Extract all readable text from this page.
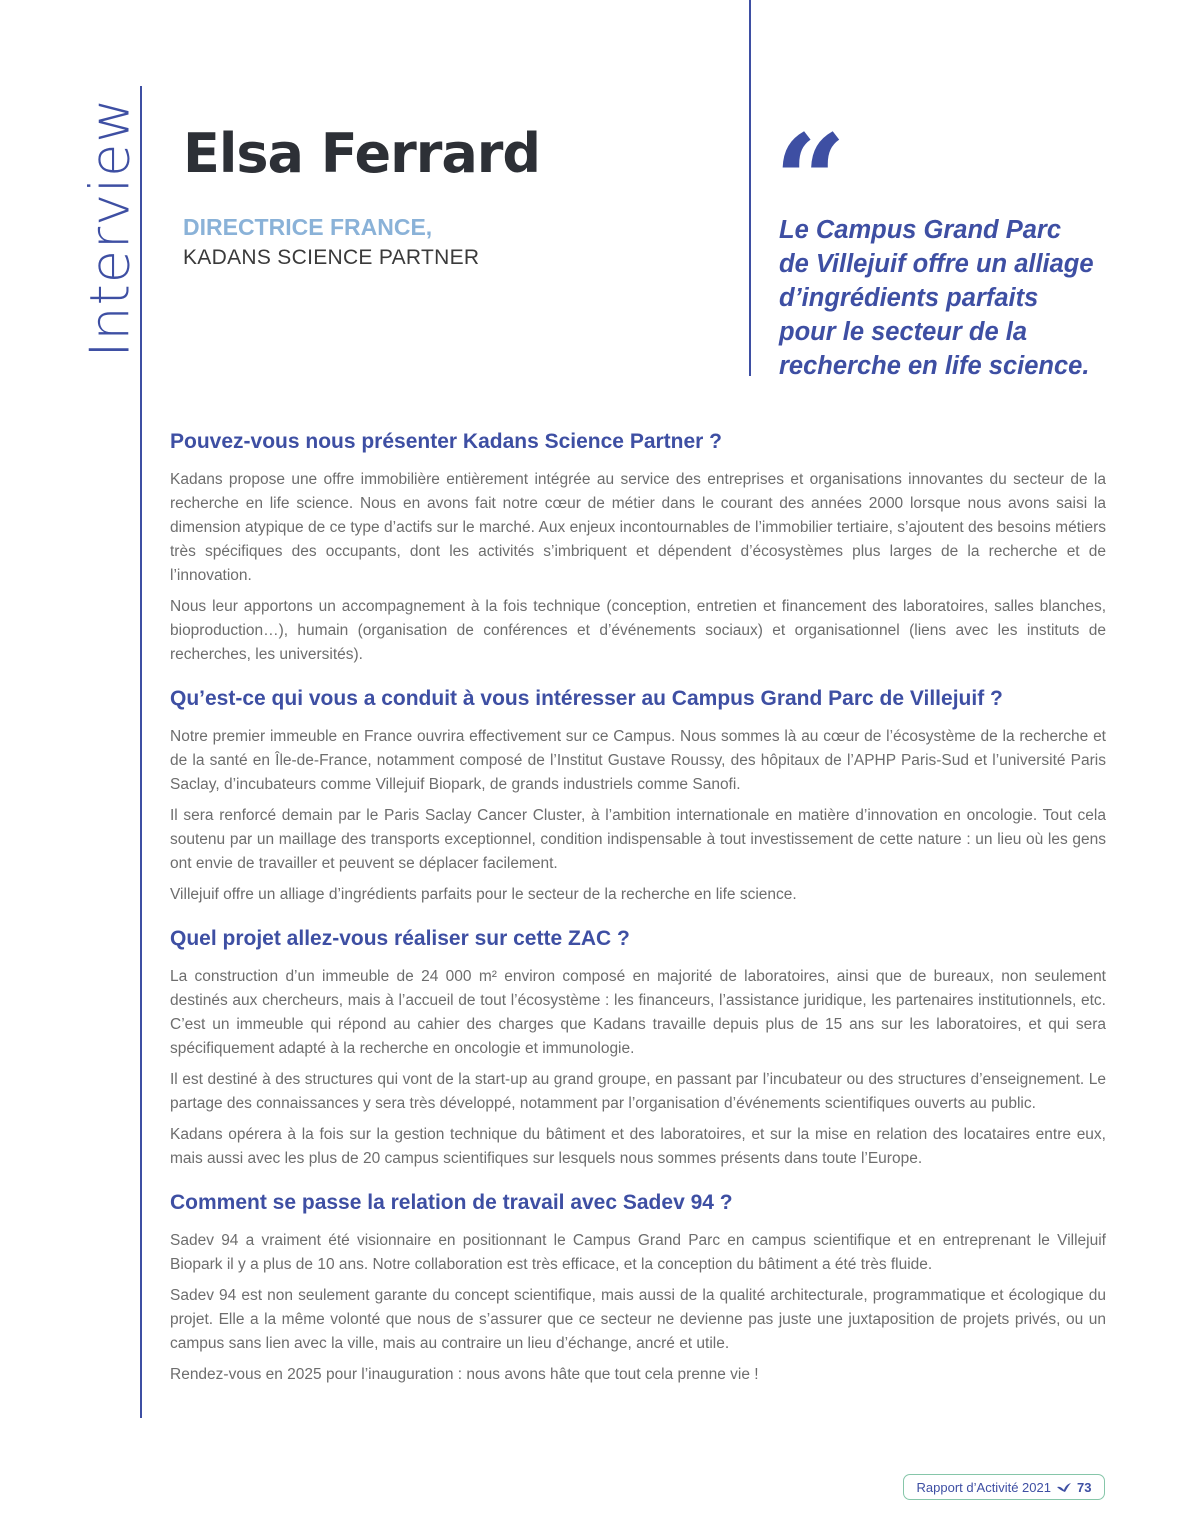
Interview Elsa Ferrard
DIRECTRICE FRANCE,
KADANS SCIENCE PARTNER
“
Le Campus Grand Parc
de Villejuif offre un alliage
d’ingrédients parfaits
pour le secteur de la
recherche en life science.
Pouvez-vous nous présenter Kadans Science Partner ?

Kadans propose une offre immobilière entièrement intégrée au service des entreprises et organisations innovantes du secteur de la recherche en life science. Nous en avons fait notre cœur de métier dans le courant des années 2000 lorsque nous avons saisi la dimension atypique de ce type d’actifs sur le marché. Aux enjeux incontournables de l’immobilier tertiaire, s’ajoutent des besoins métiers très spécifiques des occupants, dont les activités s’imbriquent et dépendent d’écosystèmes plus larges de la recherche et de l’innovation.

Nous leur apportons un accompagnement à la fois technique (conception, entretien et financement des laboratoires, salles blanches, bioproduction…), humain (organisation de conférences et d’événements sociaux) et organisationnel (liens avec les instituts de recherches, les universités).

Qu’est-ce qui vous a conduit à vous intéresser au Campus Grand Parc de Villejuif ?

Notre premier immeuble en France ouvrira effectivement sur ce Campus. Nous sommes là au cœur de l’écosystème de la recherche et de la santé en Île-de-France, notamment composé de l’Institut Gustave Roussy, des hôpitaux de l’APHP Paris-Sud et l’université Paris Saclay, d’incubateurs comme Villejuif Biopark, de grands industriels comme Sanofi.

Il sera renforcé demain par le Paris Saclay Cancer Cluster, à l’ambition internationale en matière d’innovation en oncologie. Tout cela soutenu par un maillage des transports exceptionnel, condition indispensable à tout investissement de cette nature : un lieu où les gens ont envie de travailler et peuvent se déplacer facilement.

Villejuif offre un alliage d’ingrédients parfaits pour le secteur de la recherche en life science.

Quel projet allez-vous réaliser sur cette ZAC ?

La construction d’un immeuble de 24 000 m² environ composé en majorité de laboratoires, ainsi que de bureaux, non seulement destinés aux chercheurs, mais à l’accueil de tout l’écosystème : les financeurs, l’assistance juridique, les partenaires institutionnels, etc. C’est un immeuble qui répond au cahier des charges que Kadans travaille depuis plus de 15 ans sur les laboratoires, et qui sera spécifiquement adapté à la recherche en oncologie et immunologie.

Il est destiné à des structures qui vont de la start-up au grand groupe, en passant par l’incubateur ou des structures d’enseignement. Le partage des connaissances y sera très développé, notamment par l’organisation d’événements scientifiques ouverts au public.

Kadans opérera à la fois sur la gestion technique du bâtiment et des laboratoires, et sur la mise en relation des locataires entre eux, mais aussi avec les plus de 20 campus scientifiques sur lesquels nous sommes présents dans toute l’Europe.

Comment se passe la relation de travail avec Sadev 94 ?

Sadev 94 a vraiment été visionnaire en positionnant le Campus Grand Parc en campus scientifique et en entreprenant le Villejuif Biopark il y a plus de 10 ans. Notre collaboration est très efficace, et la conception du bâtiment a été très fluide.

Sadev 94 est non seulement garante du concept scientifique, mais aussi de la qualité architecturale, programmatique et écologique du projet. Elle a la même volonté que nous de s’assurer que ce secteur ne devienne pas juste une juxtaposition de projets privés, ou un campus sans lien avec la ville, mais au contraire un lieu d’échange, ancré et utile.

Rendez-vous en 2025 pour l’inauguration : nous avons hâte que tout cela prenne vie !

Rapport d’Activité 2021 73
